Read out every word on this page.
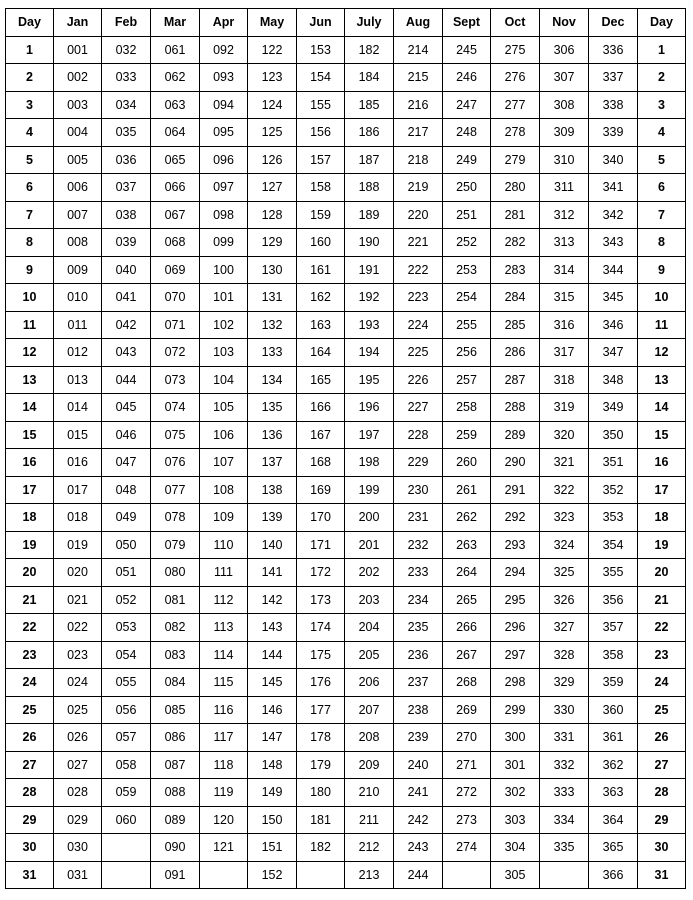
Day	Jan	Feb	Mar	Apr	May	Jun	July	Aug	Sept	Oct	Nov	Dec	Day
1	001	032	061	092	122	153	182	214	245	275	306	336	1
2	002	033	062	093	123	154	184	215	246	276	307	337	2
3	003	034	063	094	124	155	185	216	247	277	308	338	3
4	004	035	064	095	125	156	186	217	248	278	309	339	4
5	005	036	065	096	126	157	187	218	249	279	310	340	5
6	006	037	066	097	127	158	188	219	250	280	311	341	6
7	007	038	067	098	128	159	189	220	251	281	312	342	7
8	008	039	068	099	129	160	190	221	252	282	313	343	8
9	009	040	069	100	130	161	191	222	253	283	314	344	9
10	010	041	070	101	131	162	192	223	254	284	315	345	10
11	011	042	071	102	132	163	193	224	255	285	316	346	11
12	012	043	072	103	133	164	194	225	256	286	317	347	12
13	013	044	073	104	134	165	195	226	257	287	318	348	13
14	014	045	074	105	135	166	196	227	258	288	319	349	14
15	015	046	075	106	136	167	197	228	259	289	320	350	15
16	016	047	076	107	137	168	198	229	260	290	321	351	16
17	017	048	077	108	138	169	199	230	261	291	322	352	17
18	018	049	078	109	139	170	200	231	262	292	323	353	18
19	019	050	079	110	140	171	201	232	263	293	324	354	19
20	020	051	080	111	141	172	202	233	264	294	325	355	20
21	021	052	081	112	142	173	203	234	265	295	326	356	21
22	022	053	082	113	143	174	204	235	266	296	327	357	22
23	023	054	083	114	144	175	205	236	267	297	328	358	23
24	024	055	084	115	145	176	206	237	268	298	329	359	24
25	025	056	085	116	146	177	207	238	269	299	330	360	25
26	026	057	086	117	147	178	208	239	270	300	331	361	26
27	027	058	087	118	148	179	209	240	271	301	332	362	27
28	028	059	088	119	149	180	210	241	272	302	333	363	28
29	029	060	089	120	150	181	211	242	273	303	334	364	29
30	030		090	121	151	182	212	243	274	304	335	365	30
31	031		091		152		213	244		305		366	31
